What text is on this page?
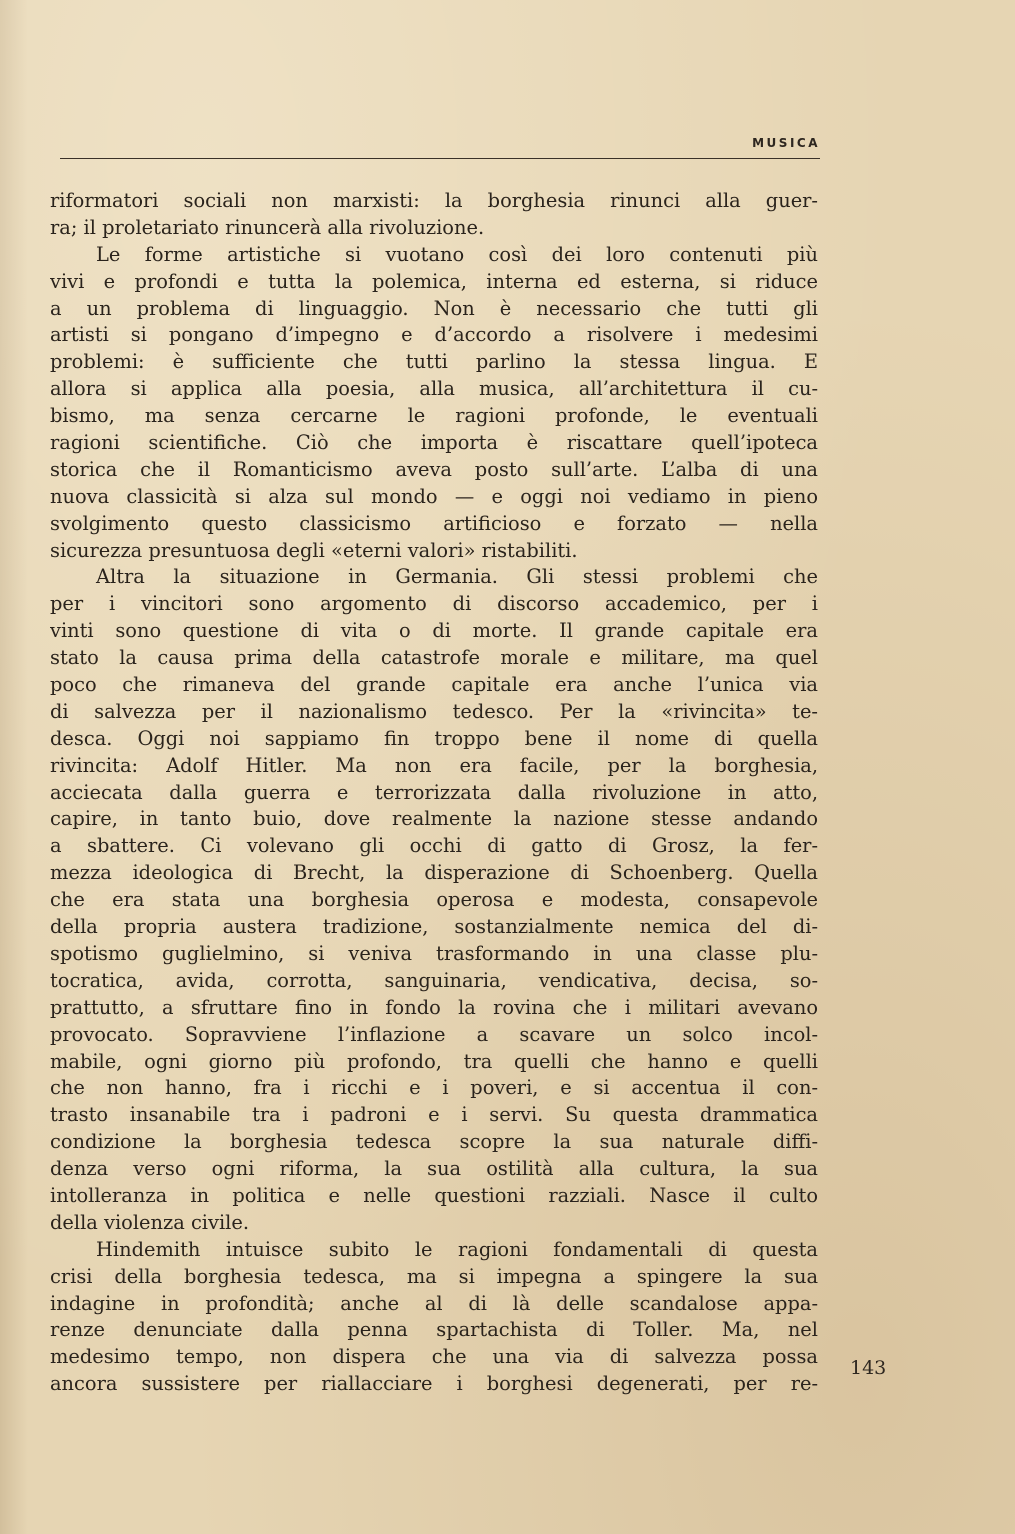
MUSICA
riformatori sociali non marxisti: la borghesia rinunci alla guer-
ra; il proletariato rinuncerà alla rivoluzione.
Le forme artistiche si vuotano così dei loro contenuti più
vivi e profondi e tutta la polemica, interna ed esterna, si riduce
a un problema di linguaggio. Non è necessario che tutti gli
artisti si pongano d’impegno e d’accordo a risolvere i medesimi
problemi: è sufficiente che tutti parlino la stessa lingua. E
allora si applica alla poesia, alla musica, all’architettura il cu-
bismo, ma senza cercarne le ragioni profonde, le eventuali
ragioni scientifiche. Ciò che importa è riscattare quell’ipoteca
storica che il Romanticismo aveva posto sull’arte. L’alba di una
nuova classicità si alza sul mondo — e oggi noi vediamo in pieno
svolgimento questo classicismo artificioso e forzato — nella
sicurezza presuntuosa degli «eterni valori» ristabiliti.
Altra la situazione in Germania. Gli stessi problemi che
per i vincitori sono argomento di discorso accademico, per i
vinti sono questione di vita o di morte. Il grande capitale era
stato la causa prima della catastrofe morale e militare, ma quel
poco che rimaneva del grande capitale era anche l’unica via
di salvezza per il nazionalismo tedesco. Per la «rivincita» te-
desca. Oggi noi sappiamo fin troppo bene il nome di quella
rivincita: Adolf Hitler. Ma non era facile, per la borghesia,
acciecata dalla guerra e terrorizzata dalla rivoluzione in atto,
capire, in tanto buio, dove realmente la nazione stesse andando
a sbattere. Ci volevano gli occhi di gatto di Grosz, la fer-
mezza ideologica di Brecht, la disperazione di Schoenberg. Quella
che era stata una borghesia operosa e modesta, consapevole
della propria austera tradizione, sostanzialmente nemica del di-
spotismo guglielmino, si veniva trasformando in una classe plu-
tocratica, avida, corrotta, sanguinaria, vendicativa, decisa, so-
prattutto, a sfruttare fino in fondo la rovina che i militari avevano
provocato. Sopravviene l’inflazione a scavare un solco incol-
mabile, ogni giorno più profondo, tra quelli che hanno e quelli
che non hanno, fra i ricchi e i poveri, e si accentua il con-
trasto insanabile tra i padroni e i servi. Su questa drammatica
condizione la borghesia tedesca scopre la sua naturale diffi-
denza verso ogni riforma, la sua ostilità alla cultura, la sua
intolleranza in politica e nelle questioni razziali. Nasce il culto
della violenza civile.
Hindemith intuisce subito le ragioni fondamentali di questa
crisi della borghesia tedesca, ma si impegna a spingere la sua
indagine in profondità; anche al di là delle scandalose appa-
renze denunciate dalla penna spartachista di Toller. Ma, nel
medesimo tempo, non dispera che una via di salvezza possa
ancora sussistere per riallacciare i borghesi degenerati, per re-
143
